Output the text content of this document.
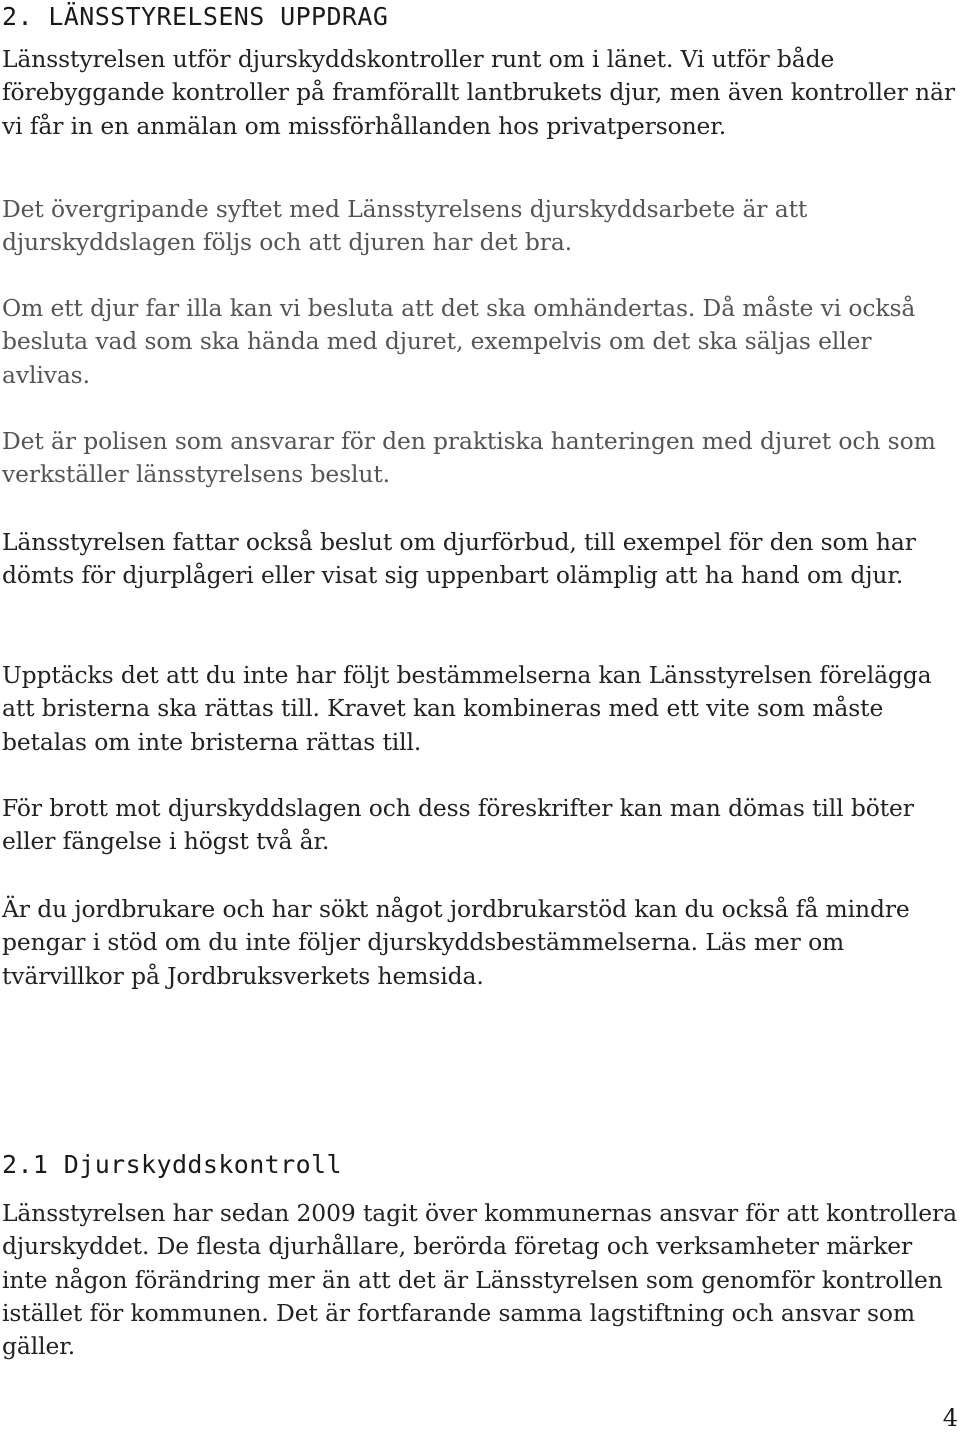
2. LÄNSSTYRELSENS UPPDRAG

Länsstyrelsen utför djurskyddskontroller runt om i länet. Vi utför både förebyggande kontroller på framförallt lantbrukets djur, men även kontroller när vi får in en anmälan om missförhållanden hos privatpersoner.

Det övergripande syftet med Länsstyrelsens djurskyddsarbete är att djurskyddslagen följs och att djuren har det bra.

Om ett djur far illa kan vi besluta att det ska omhändertas. Då måste vi också besluta vad som ska hända med djuret, exempelvis om det ska säljas eller avlivas.

Det är polisen som ansvarar för den praktiska hanteringen med djuret och som verkställer länsstyrelsens beslut.

Länsstyrelsen fattar också beslut om djurförbud, till exempel för den som har dömts för djurplågeri eller visat sig uppenbart olämplig att ha hand om djur.

Upptäcks det att du inte har följt bestämmelserna kan Länsstyrelsen förelägga att bristerna ska rättas till. Kravet kan kombineras med ett vite som måste betalas om inte bristerna rättas till.

För brott mot djurskyddslagen och dess föreskrifter kan man dömas till böter eller fängelse i högst två år.

Är du jordbrukare och har sökt något jordbrukarstöd kan du också få mindre pengar i stöd om du inte följer djurskyddsbestämmelserna. Läs mer om tvärvillkor på Jordbruksverkets hemsida.

2.1 Djurskyddskontroll

Länsstyrelsen har sedan 2009 tagit över kommunernas ansvar för att kontrollera djurskyddet. De flesta djurhållare, berörda företag och verksamheter märker inte någon förändring mer än att det är Länsstyrelsen som genomför kontrollen istället för kommunen. Det är fortfarande samma lagstiftning och ansvar som gäller.

4
